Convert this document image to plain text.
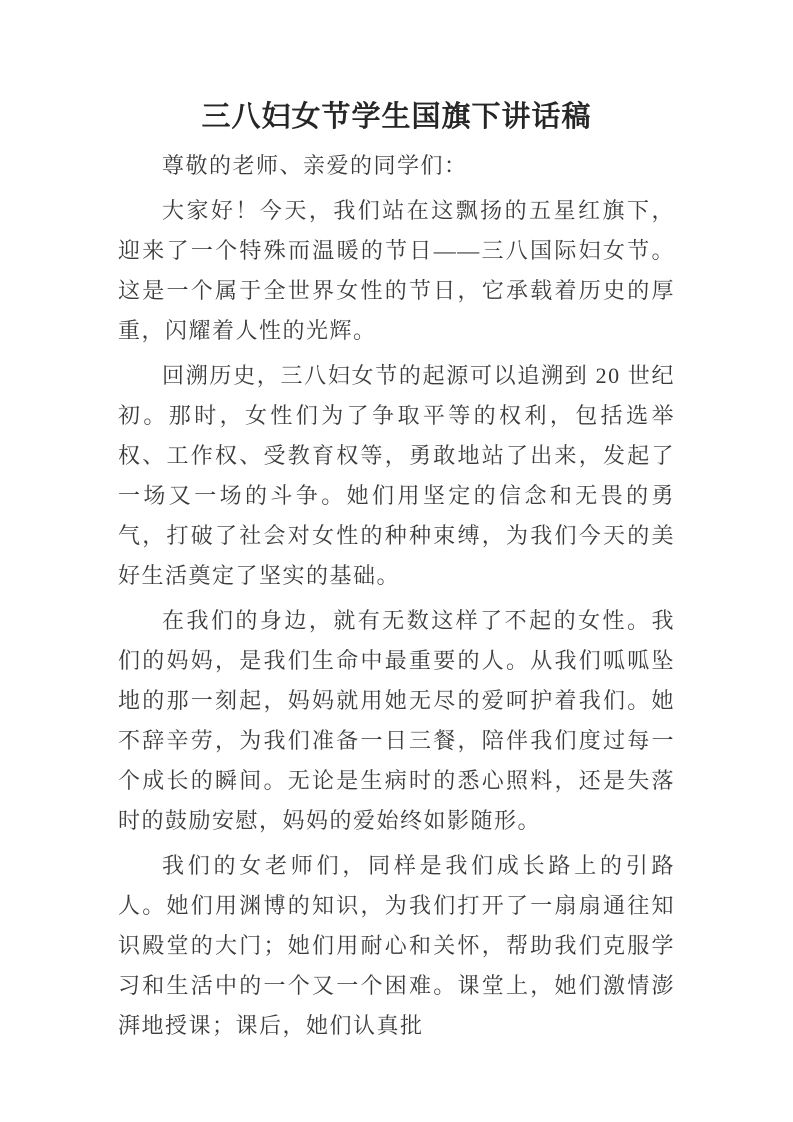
三八妇女节学生国旗下讲话稿

尊敬的老师、亲爱的同学们：

大家好！今天，我们站在这飘扬的五星红旗下，迎来了一个特殊而温暖的节日——三八国际妇女节。这是一个属于全世界女性的节日，它承载着历史的厚重，闪耀着人性的光辉。

回溯历史，三八妇女节的起源可以追溯到 20 世纪初。那时，女性们为了争取平等的权利，包括选举权、工作权、受教育权等，勇敢地站了出来，发起了一场又一场的斗争。她们用坚定的信念和无畏的勇气，打破了社会对女性的种种束缚，为我们今天的美好生活奠定了坚实的基础。

在我们的身边，就有无数这样了不起的女性。我们的妈妈，是我们生命中最重要的人。从我们呱呱坠地的那一刻起，妈妈就用她无尽的爱呵护着我们。她不辞辛劳，为我们准备一日三餐，陪伴我们度过每一个成长的瞬间。无论是生病时的悉心照料，还是失落时的鼓励安慰，妈妈的爱始终如影随形。

我们的女老师们，同样是我们成长路上的引路人。她们用渊博的知识，为我们打开了一扇扇通往知识殿堂的大门；她们用耐心和关怀，帮助我们克服学习和生活中的一个又一个困难。课堂上，她们激情澎湃地授课；课后，她们认真批
